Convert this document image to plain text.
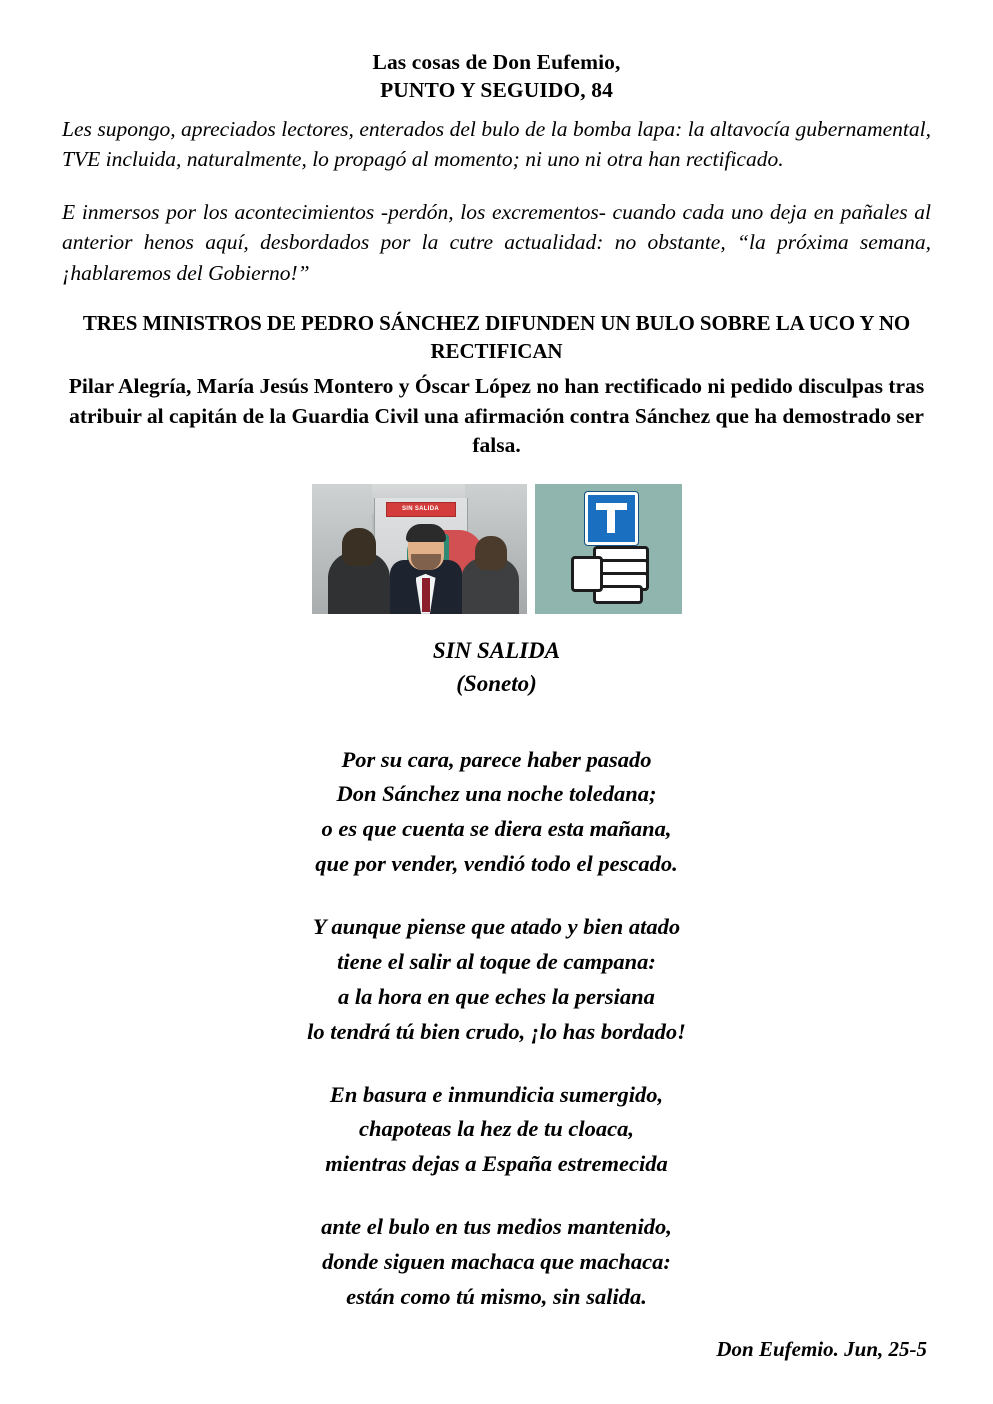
Las cosas de Don Eufemio,
PUNTO Y SEGUIDO, 84

Les supongo, apreciados lectores, enterados del bulo de la bomba lapa: la altavocía gubernamental, TVE incluida, naturalmente, lo propagó al momento; ni uno ni otra han rectificado.

E inmersos por los acontecimientos -perdón, los excrementos- cuando cada uno deja en pañales al anterior henos aquí, desbordados por la cutre actualidad: no obstante, “la próxima semana, ¡hablaremos del Gobierno!”

TRES MINISTROS DE PEDRO SÁNCHEZ DIFUNDEN UN BULO SOBRE LA UCO Y NO RECTIFICAN
Pilar Alegría, María Jesús Montero y Óscar López no han rectificado ni pedido disculpas tras atribuir al capitán de la Guardia Civil una afirmación contra Sánchez que ha demostrado ser falsa.
SIN SALIDA
SIN SALIDA
(Soneto)
Por su cara, parece haber pasado
Don Sánchez una noche toledana;
o es que cuenta se diera esta mañana,
que por vender, vendió todo el pescado.
Y aunque piense que atado y bien atado
tiene el salir al toque de campana:
a la hora en que eches la persiana
lo tendrá tú bien crudo, ¡lo has bordado!
En basura e inmundicia sumergido,
chapoteas la hez de tu cloaca,
mientras dejas a España estremecida
ante el bulo en tus medios mantenido,
donde siguen machaca que machaca:
están como tú mismo, sin salida.
Don Eufemio. Jun, 25-5
